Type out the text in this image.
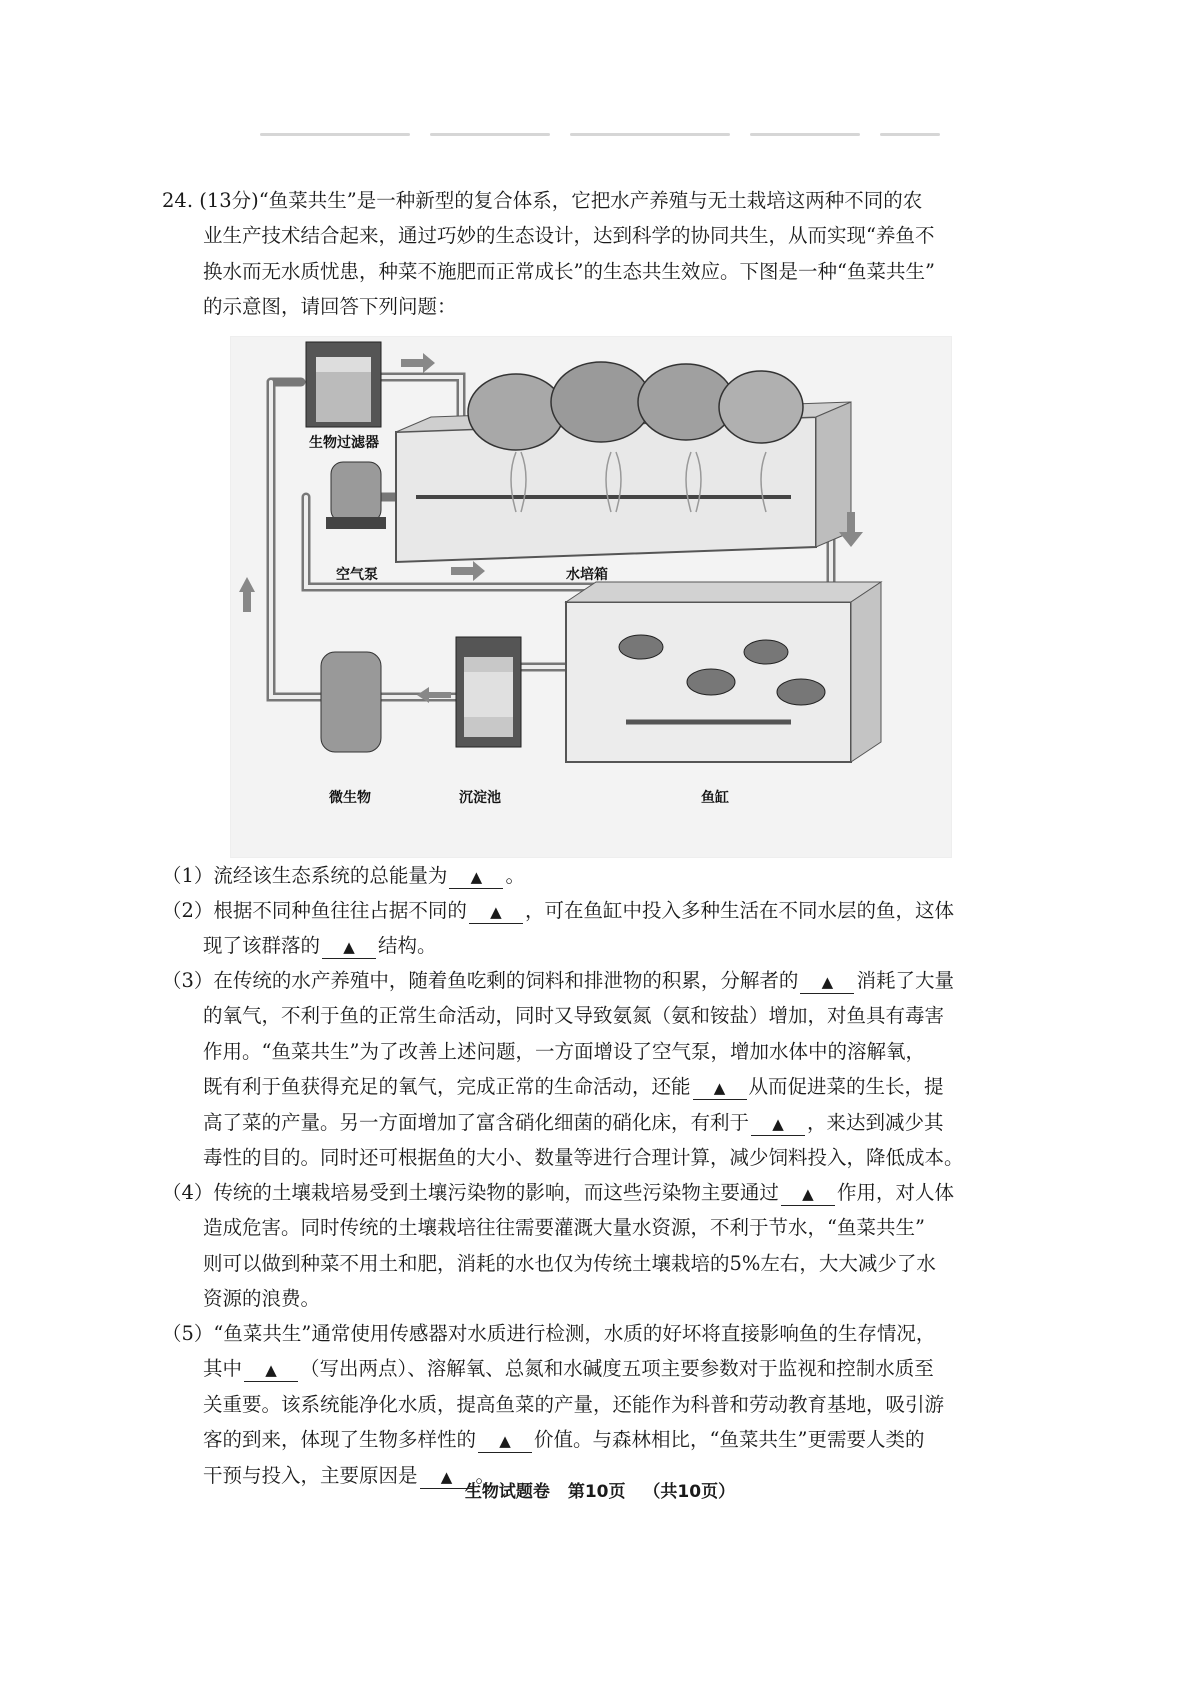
24. (13分)“鱼菜共生”是一种新型的复合体系，它把水产养殖与无土栽培这两种不同的农
业生产技术结合起来，通过巧妙的生态设计，达到科学的协同共生，从而实现“养鱼不
换水而无水质忧患，种菜不施肥而正常成长”的生态共生效应。下图是一种“鱼菜共生”
的示意图，请回答下列问题：
生物过滤器
水培箱
空气泵
鱼缸
沉淀池
微生物
（1）流经该生态系统的总能量为 ▲ 。
（2）根据不同种鱼往往占据不同的 ▲ ，可在鱼缸中投入多种生活在不同水层的鱼，这体
现了该群落的 ▲ 结构。
（3）在传统的水产养殖中，随着鱼吃剩的饲料和排泄物的积累，分解者的 ▲ 消耗了大量
的氧气，不利于鱼的正常生命活动，同时又导致氨氮（氨和铵盐）增加，对鱼具有毒害
作用。“鱼菜共生”为了改善上述问题，一方面增设了空气泵，增加水体中的溶解氧，
既有利于鱼获得充足的氧气，完成正常的生命活动，还能 ▲ 从而促进菜的生长，提
高了菜的产量。另一方面增加了富含硝化细菌的硝化床，有利于 ▲ ，来达到减少其
毒性的目的。同时还可根据鱼的大小、数量等进行合理计算，减少饲料投入，降低成本。
（4）传统的土壤栽培易受到土壤污染物的影响，而这些污染物主要通过 ▲ 作用，对人体
造成危害。同时传统的土壤栽培往往需要灌溉大量水资源，不利于节水，“鱼菜共生”
则可以做到种菜不用土和肥，消耗的水也仅为传统土壤栽培的5%左右，大大减少了水
资源的浪费。
（5）“鱼菜共生”通常使用传感器对水质进行检测，水质的好坏将直接影响鱼的生存情况，
其中 ▲ （写出两点）、溶解氧、总氮和水碱度五项主要参数对于监视和控制水质至
关重要。该系统能净化水质，提高鱼菜的产量，还能作为科普和劳动教育基地，吸引游
客的到来，体现了生物多样性的 ▲ 价值。与森林相比，“鱼菜共生”更需要人类的
干预与投入，主要原因是 ▲ 。
生物试题卷 第10页 （共10页）
